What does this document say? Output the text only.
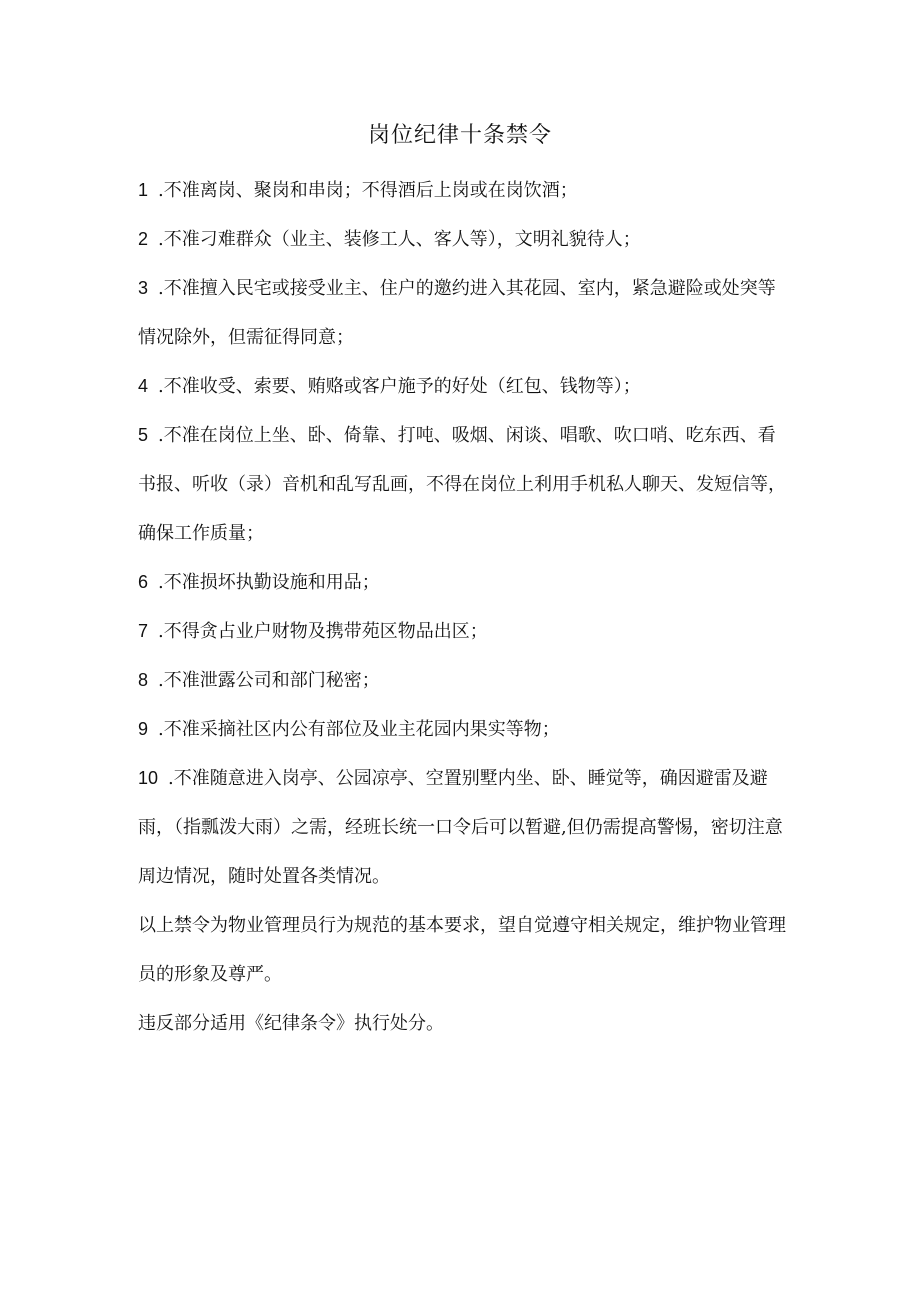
岗位纪律十条禁令

1 .不准离岗、聚岗和串岗；不得酒后上岗或在岗饮酒；

2 .不准刁难群众（业主、装修工人、客人等），文明礼貌待人；

3 .不准擅入民宅或接受业主、住户的邀约进入其花园、室内，紧急避险或处突等情况除外，但需征得同意；

4 .不准收受、索要、贿赂或客户施予的好处（红包、钱物等）；

5 .不准在岗位上坐、卧、倚靠、打吨、吸烟、闲谈、唱歌、吹口哨、吃东西、看书报、听收（录）音机和乱写乱画，不得在岗位上利用手机私人聊天、发短信等，确保工作质量；

6 .不准损坏执勤设施和用品；

7 .不得贪占业户财物及携带苑区物品出区；

8 .不准泄露公司和部门秘密；

9 .不准采摘社区内公有部位及业主花园内果实等物；

10 .不准随意进入岗亭、公园凉亭、空置别墅内坐、卧、睡觉等，确因避雷及避雨，（指瓢泼大雨）之需，经班长统一口令后可以暂避,但仍需提高警惕，密切注意周边情况，随时处置各类情况。

以上禁令为物业管理员行为规范的基本要求，望自觉遵守相关规定，维护物业管理员的形象及尊严。

违反部分适用《纪律条令》执行处分。
